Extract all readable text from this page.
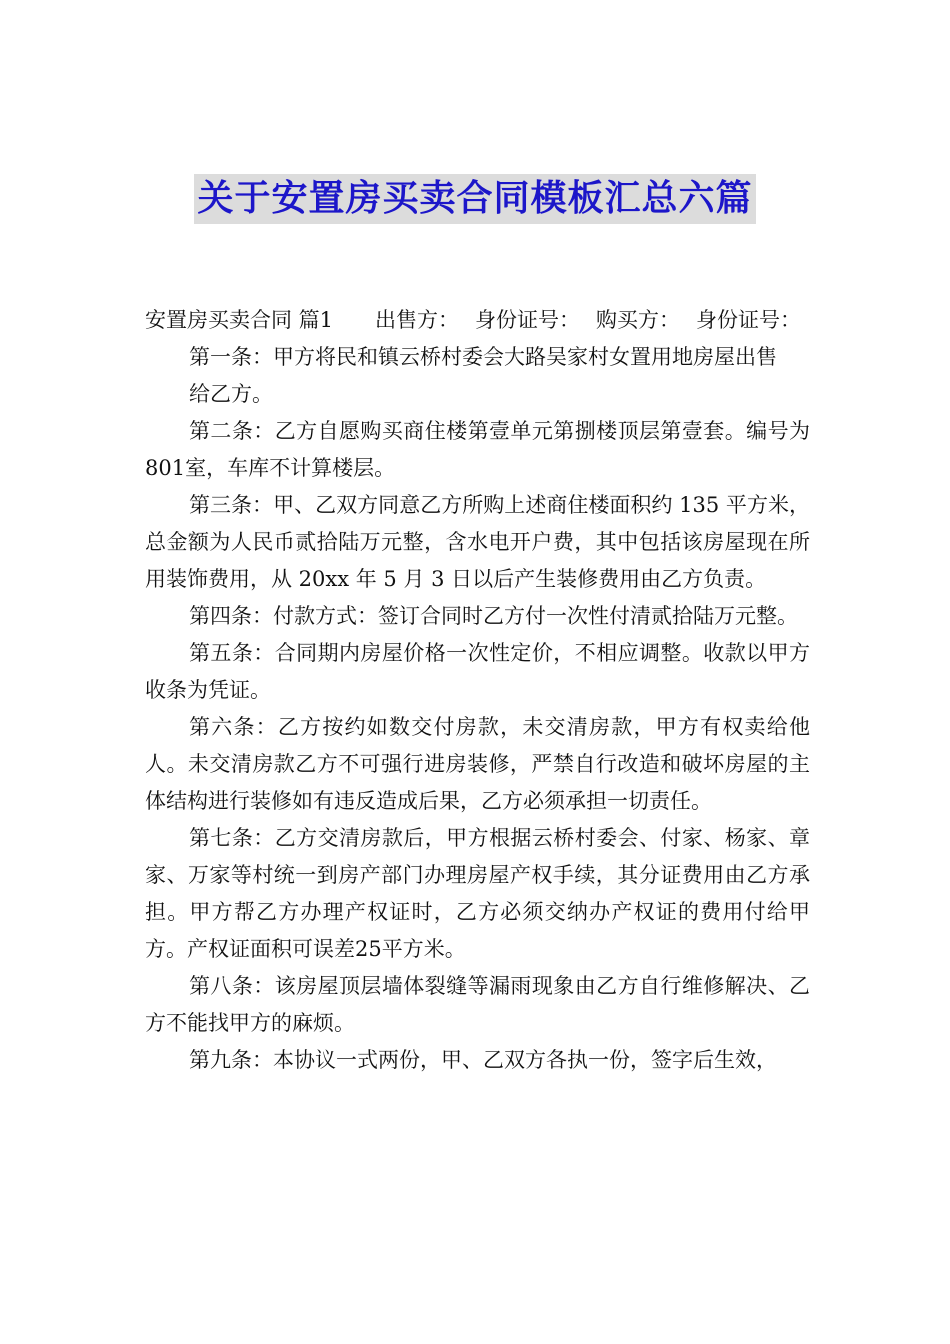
关于安置房买卖合同模板汇总六篇

安置房买卖合同 篇1 出售方： 身份证号： 购买方： 身份证号：

第一条：甲方将民和镇云桥村委会大路吴家村女置用地房屋出售

给乙方。

第二条：乙方自愿购买商住楼第壹单元第捌楼顶层第壹套。编号为801室，车库不计算楼层。

第三条：甲、乙双方同意乙方所购上述商住楼面积约 135 平方米，总金额为人民币贰拾陆万元整，含水电开户费，其中包括该房屋现在所用装饰费用，从 20xx 年 5 月 3 日以后产生装修费用由乙方负责。

第四条：付款方式：签订合同时乙方付一次性付清贰拾陆万元整。

第五条：合同期内房屋价格一次性定价，不相应调整。收款以甲方收条为凭证。

第六条：乙方按约如数交付房款，未交清房款，甲方有权卖给他人。未交清房款乙方不可强行进房装修，严禁自行改造和破坏房屋的主体结构进行装修如有违反造成后果，乙方必须承担一切责任。

第七条：乙方交清房款后，甲方根据云桥村委会、付家、杨家、章家、万家等村统一到房产部门办理房屋产权手续，其分证费用由乙方承担。甲方帮乙方办理产权证时，乙方必须交纳办产权证的费用付给甲方。产权证面积可误差25平方米。

第八条：该房屋顶层墙体裂缝等漏雨现象由乙方自行维修解决、乙方不能找甲方的麻烦。

第九条：本协议一式两份，甲、乙双方各执一份，签字后生效，
